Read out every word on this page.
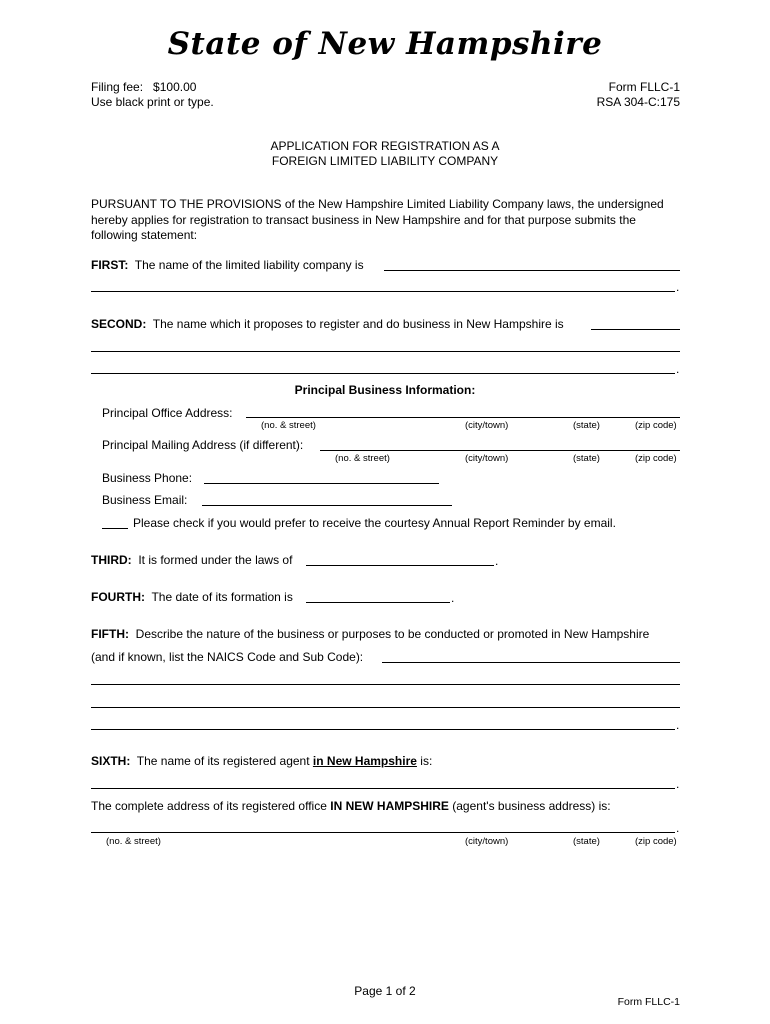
State of New Hampshire
Filing fee: $100.00
Use black print or type.
Form FLLC-1
RSA 304-C:175
APPLICATION FOR REGISTRATION AS A
FOREIGN LIMITED LIABILITY COMPANY
PURSUANT TO THE PROVISIONS of the New Hampshire Limited Liability Company laws, the undersigned hereby applies for registration to transact business in New Hampshire and for that purpose submits the following statement:
FIRST: The name of the limited liability company is
.
SECOND: The name which it proposes to register and do business in New Hampshire is
.
Principal Business Information:
Principal Office Address:
(no. & street)	(city/town)	(state)	(zip code)
Principal Mailing Address (if different):
(no. & street)	(city/town)	(state)	(zip code)
Business Phone:
Business Email:
Please check if you would prefer to receive the courtesy Annual Report Reminder by email.
THIRD: It is formed under the laws of	.
FOURTH: The date of its formation is	.
FIFTH: Describe the nature of the business or purposes to be conducted or promoted in New Hampshire
(and if known, list the NAICS Code and Sub Code):
.
SIXTH: The name of its registered agent in New Hampshire is:
.
The complete address of its registered office IN NEW HAMPSHIRE (agent's business address) is:
.
(no. & street)	(city/town)	(state)	(zip code)
Page 1 of 2
Form FLLC-1
